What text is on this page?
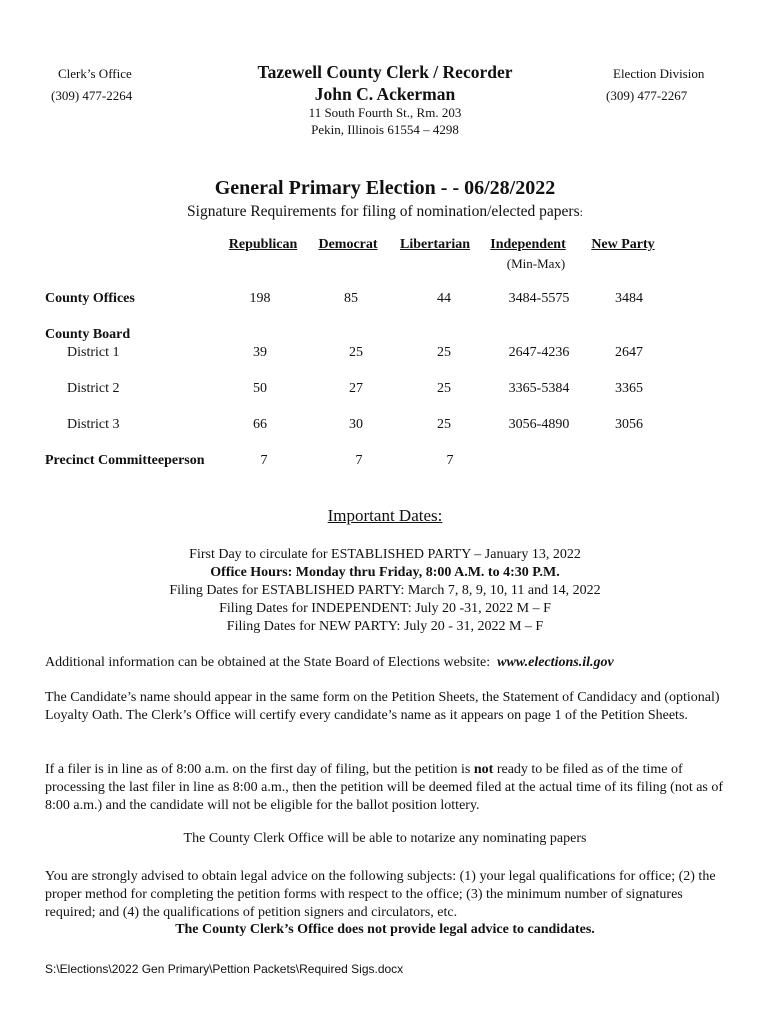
Clerk’s Office
(309) 477-2264
Tazewell County Clerk / Recorder
John C. Ackerman
11 South Fourth St., Rm. 203
Pekin, Illinois 61554 – 4298
Election Division
(309) 477-2267
General Primary Election - - 06/28/2022
Signature Requirements for filing of nomination/elected papers:
Republican	Democrat	Libertarian	Independent	New Party
(Min-Max)
County Offices	198	85	44	3484-5575	3484
County Board
District 1	39	25	25	2647-4236	2647
District 2	50	27	25	3365-5384	3365
District 3	66	30	25	3056-4890	3056
Precinct Committeeperson	7	7	7
Important Dates:
First Day to circulate for ESTABLISHED PARTY – January 13, 2022
Office Hours: Monday thru Friday, 8:00 A.M. to 4:30 P.M.
Filing Dates for ESTABLISHED PARTY: March 7, 8, 9, 10, 11 and 14, 2022
Filing Dates for INDEPENDENT: July 20 -31, 2022 M – F
Filing Dates for NEW PARTY: July 20 - 31, 2022 M – F
Additional information can be obtained at the State Board of Elections website: www.elections.il.gov
The Candidate’s name should appear in the same form on the Petition Sheets, the Statement of Candidacy and (optional) Loyalty Oath. The Clerk’s Office will certify every candidate’s name as it appears on page 1 of the Petition Sheets.
If a filer is in line as of 8:00 a.m. on the first day of filing, but the petition is not ready to be filed as of the time of processing the last filer in line as 8:00 a.m., then the petition will be deemed filed at the actual time of its filing (not as of 8:00 a.m.) and the candidate will not be eligible for the ballot position lottery.
The County Clerk Office will be able to notarize any nominating papers
You are strongly advised to obtain legal advice on the following subjects: (1) your legal qualifications for office; (2) the proper method for completing the petition forms with respect to the office; (3) the minimum number of signatures required; and (4) the qualifications of petition signers and circulators, etc.
The County Clerk’s Office does not provide legal advice to candidates.
S:\Elections\2022 Gen Primary\Pettion Packets\Required Sigs.docx
